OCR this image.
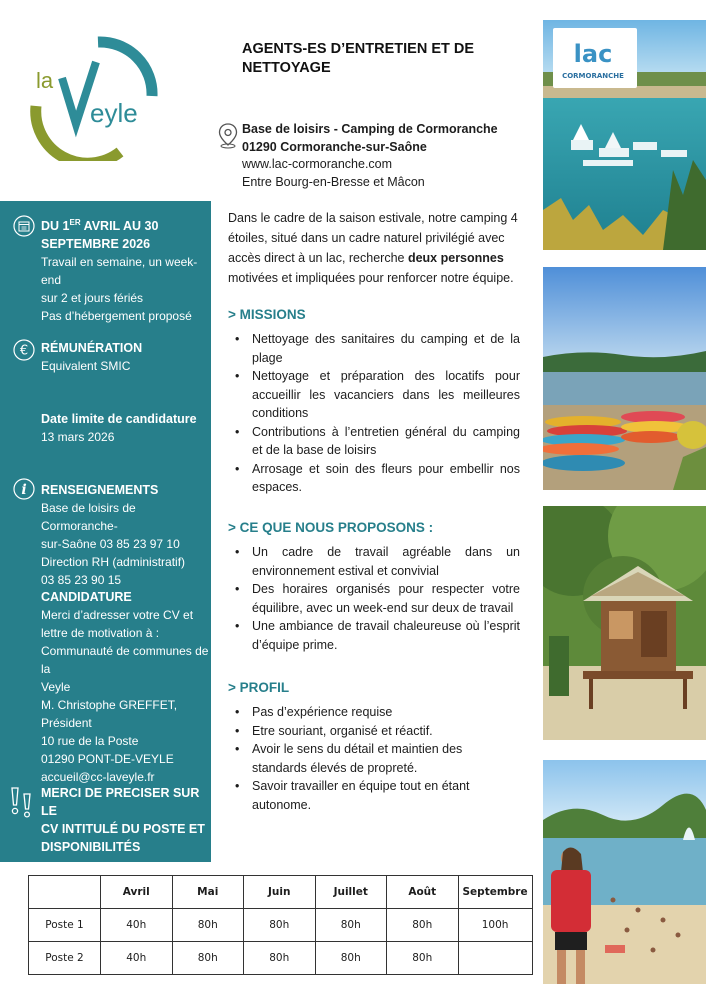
la
eyle
AGENTS-ES D’ENTRETIEN ET DE NETTOYAGE
Base de loisirs - Camping de Cormoranche
01290 Cormoranche-sur-Saône
www.lac-cormoranche.com
Entre Bourg-en-Bresse et Mâcon
DU 1ER AVRIL AU 30
SEPTEMBRE 2026
Travail en semaine, un week-end
sur 2 et jours fériés
Pas d’hébergement proposé
€ RÉMUNÉRATION
Equivalent SMIC
Date limite de candidature
13 mars 2026
i RENSEIGNEMENTS
Base de loisirs de Cormoranche-
sur-Saône 03 85 23 97 10
Direction RH (administratif)
03 85 23 90 15
CANDIDATURE
Merci d’adresser votre CV et
lettre de motivation à :
Communauté de communes de la
Veyle
M. Christophe GREFFET,
Président
10 rue de la Poste
01290 PONT-DE-VEYLE
accueil@cc-laveyle.fr
MERCI DE PRECISER SUR LE
CV INTITULÉ DU POSTE ET
DISPONIBILITÉS
Dans le cadre de la saison estivale, notre camping 4 étoiles, situé dans un cadre naturel privilégié avec accès direct à un lac, recherche deux personnes motivées et impliquées pour renforcer notre équipe.
> MISSIONS
• Nettoyage des sanitaires du camping et de la plage
• Nettoyage et préparation des locatifs pour accueillir les vacanciers dans les meilleures conditions
• Contributions à l’entretien général du camping et de la base de loisirs
• Arrosage et soin des fleurs pour embellir nos espaces.
> CE QUE NOUS PROPOSONS :
• Un cadre de travail agréable dans un environnement estival et convivial
• Des horaires organisés pour respecter votre équilibre, avec un week-end sur deux de travail
• Une ambiance de travail chaleureuse où l’esprit d’équipe prime.
> PROFIL
• Pas d’expérience requise
• Etre souriant, organisé et réactif.
• Avoir le sens du détail et maintien des standards élevés de propreté.
• Savoir travailler en équipe tout en étant autonome.
lac
CORMORANCHE
	Avril	Mai	Juin	Juillet	Août	Septembre
Poste 1	40h	80h	80h	80h	80h	100h
Poste 2	40h	80h	80h	80h	80h	
